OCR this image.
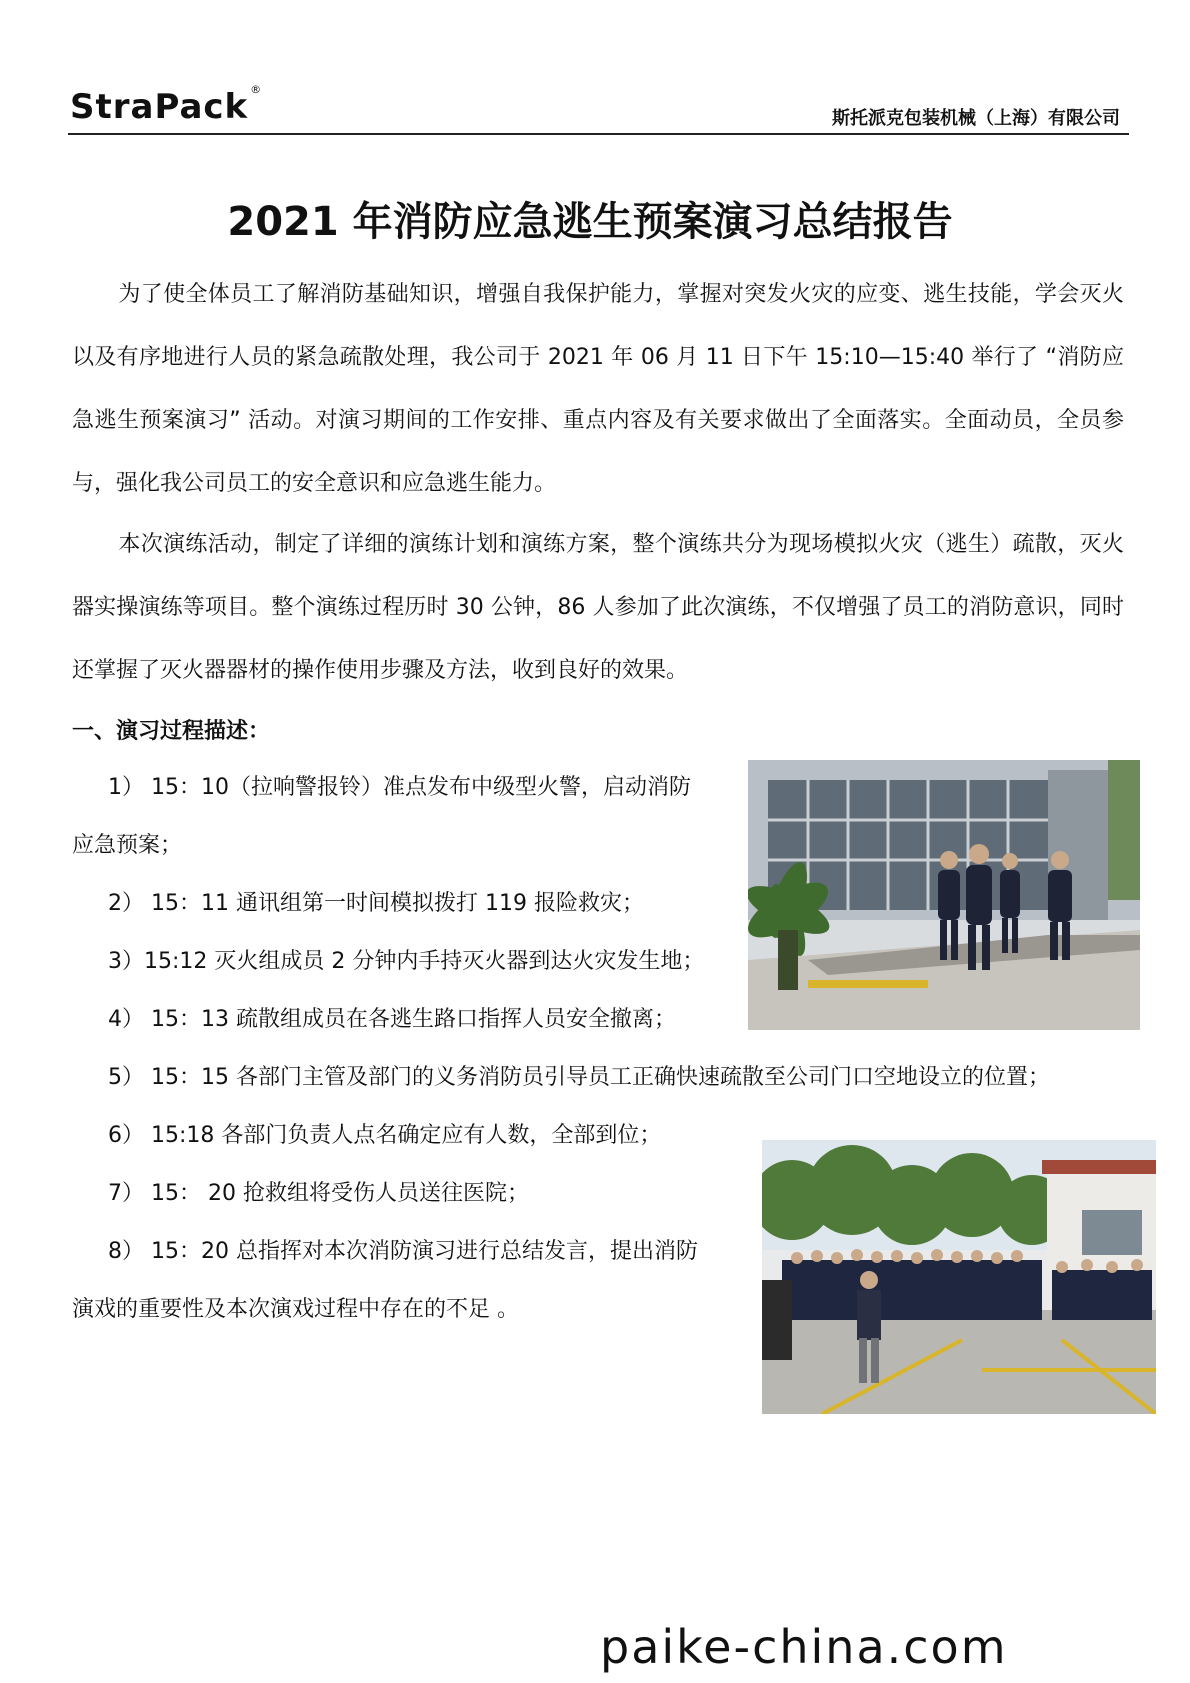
StraPack ®
斯托派克包装机械（上海）有限公司
2021 年消防应急逃生预案演习总结报告
为了使全体员工了解消防基础知识，增强自我保护能力，掌握对突发火灾的应变、逃生技能，学会灭火以及有序地进行人员的紧急疏散处理，我公司于 2021 年 06 月 11 日下午 15:10—15:40 举行了 “消防应急逃生预案演习” 活动。对演习期间的工作安排、重点内容及有关要求做出了全面落实。全面动员，全员参与，强化我公司员工的安全意识和应急逃生能力。
本次演练活动，制定了详细的演练计划和演练方案，整个演练共分为现场模拟火灾（逃生）疏散，灭火器实操演练等项目。整个演练过程历时 30 公钟，86 人参加了此次演练，不仅增强了员工的消防意识，同时还掌握了灭火器器材的操作使用步骤及方法，收到良好的效果。
一、演习过程描述：
1） 15：10（拉响警报铃）准点发布中级型火警，启动消防
应急预案；
2） 15：11 通讯组第一时间模拟拨打 119 报险救灾；
3）15:12 灭火组成员 2 分钟内手持灭火器到达火灾发生地；
4） 15：13 疏散组成员在各逃生路口指挥人员安全撤离；
5） 15：15 各部门主管及部门的义务消防员引导员工正确快速疏散至公司门口空地设立的位置；
6） 15:18 各部门负责人点名确定应有人数，全部到位；
7） 15： 20 抢救组将受伤人员送往医院；
8） 15：20 总指挥对本次消防演习进行总结发言，提出消防
演戏的重要性及本次演戏过程中存在的不足 。
paike-china.com
